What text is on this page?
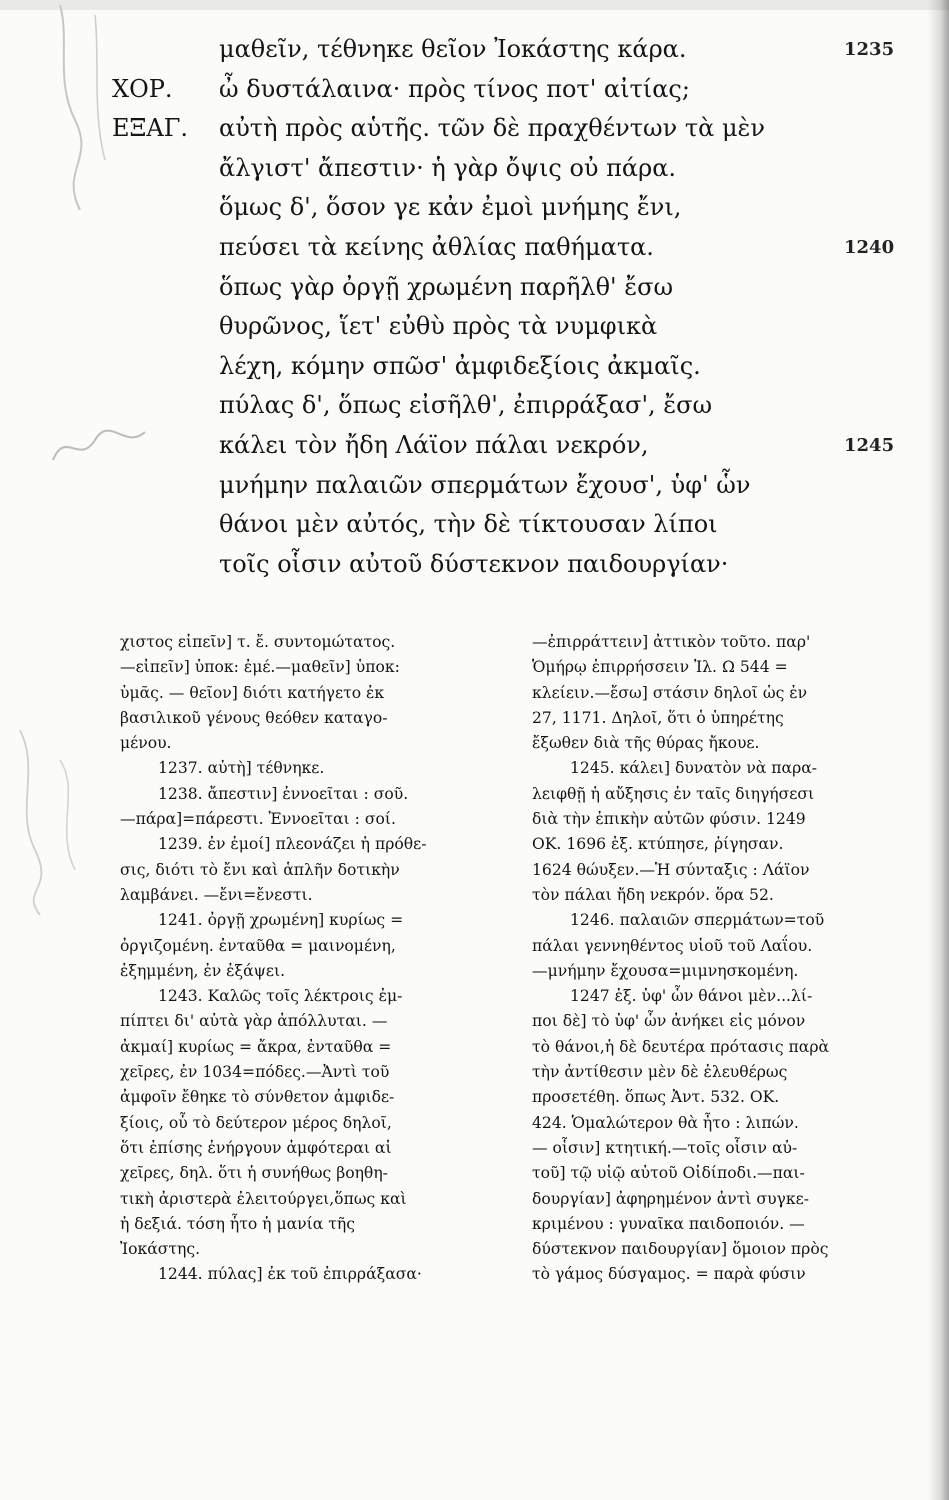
μαθεῖν, τέθνηκε θεῖον Ἰοκάστης κάρα.	1235
ΧΟΡ.	ὦ δυστάλαινα· πρὸς τίνος ποτ' αἰτίας;
ΕΞΑΓ.	αὐτὴ πρὸς αὑτῆς. τῶν δὲ πραχθέντων τὰ μὲν
ἄλγιστ' ἄπεστιν· ἡ γὰρ ὄψις οὐ πάρα.
ὅμως δ', ὅσον γε κἀν ἐμοὶ μνήμης ἔνι,
πεύσει τὰ κείνης ἀθλίας παθήματα.	1240
ὅπως γὰρ ὀργῇ χρωμένη παρῆλθ' ἔσω
θυρῶνος, ἵετ' εὐθὺ πρὸς τὰ νυμφικὰ
λέχη, κόμην σπῶσ' ἀμφιδεξίοις ἀκμαῖς.
πύλας δ', ὅπως εἰσῆλθ', ἐπιρράξασ', ἔσω
κάλει τὸν ἤδη Λάϊον πάλαι νεκρόν,	1245
μνήμην παλαιῶν σπερμάτων ἔχουσ', ὑφ' ὧν
θάνοι μὲν αὐτός, τὴν δὲ τίκτουσαν λίποι
τοῖς οἷσιν αὐτοῦ δύστεκνον παιδουργίαν·
χιστος εἰπεῖν] τ. ἔ. συντομώτατος.
—εἰπεῖν] ὑποκ: ἐμέ.—μαθεῖν] ὑποκ:
ὑμᾶς. — θεῖον] διότι κατήγετο ἐκ
βασιλικοῦ γένους θεόθεν καταγο-
μένου.
1237. αὐτὴ] τέθνηκε.
1238. ἄπεστιν] ἐννοεῖται : σοῦ.
—πάρα]=πάρεστι. Ἐννοεῖται : σοί.
1239. ἐν ἐμοί] πλεονάζει ἡ πρόθε-
σις, διότι τὸ ἔνι καὶ ἁπλῆν δοτικὴν
λαμβάνει. —ἔνι=ἔνεστι.
1241. ὀργῇ χρωμένη] κυρίως =
ὀργιζομένη. ἐνταῦθα = μαινομένη,
ἐξημμένη, ἐν ἐξάψει.
1243. Καλῶς τοῖς λέκτροις ἐμ-
πίπτει δι' αὐτὰ γὰρ ἀπόλλυται. —
ἀκμαί] κυρίως = ἄκρα, ἐνταῦθα =
χεῖρες, ἐν 1034=πόδες.—Ἀντὶ τοῦ
ἀμφοῖν ἔθηκε τὸ σύνθετον ἀμφιδε-
ξίοις, οὗ τὸ δεύτερον μέρος δηλοῖ,
ὅτι ἐπίσης ἐνήργουν ἀμφότεραι αἱ
χεῖρες, δηλ. ὅτι ἡ συνήθως βοηθη-
τικὴ ἀριστερὰ ἐλειτούργει,ὅπως καὶ
ἡ δεξιά. τόση ἦτο ἡ μανία τῆς
Ἰοκάστης.
1244. πύλας] ἐκ τοῦ ἐπιρράξασα·
—ἐπιρράττειν] ἀττικὸν τοῦτο. παρ'
Ὁμήρῳ ἐπιρρήσσειν Ἰλ. Ω 544 =
κλείειν.—ἔσω] στάσιν δηλοῖ ὡς ἐν
27, 1171. Δηλοῖ, ὅτι ὁ ὑπηρέτης
ἔξωθεν διὰ τῆς θύρας ἤκουε.
1245. κάλει] δυνατὸν νὰ παρα-
λειφθῇ ἡ αὔξησις ἐν ταῖς διηγήσεσι
διὰ τὴν ἐπικὴν αὐτῶν φύσιν. 1249
ΟΚ. 1696 ἑξ. κτύπησε, ῥίγησαν.
1624 θώυξεν.—Ἡ σύνταξις : Λάϊον
τὸν πάλαι ἤδη νεκρόν. ὅρα 52.
1246. παλαιῶν σπερμάτων=τοῦ
πάλαι γεννηθέντος υἱοῦ τοῦ Λαΐου.
—μνήμην ἔχουσα=μιμνησκομένη.
1247 ἑξ. ὑφ' ὧν θάνοι μὲν...λί-
ποι δὲ] τὸ ὑφ' ὧν ἀνήκει εἰς μόνον
τὸ θάνοι,ἡ δὲ δευτέρα πρότασις παρὰ
τὴν ἀντίθεσιν μὲν δὲ ἐλευθέρως
προσετέθη. ὅπως Ἀντ. 532. ΟΚ.
424. Ὁμαλώτερον θὰ ἦτο : λιπών.
— οἷσιν] κτητική.—τοῖς οἷσιν αὐ-
τοῦ] τῷ υἱῷ αὐτοῦ Οἰδίποδι.—παι-
δουργίαν] ἀφηρημένον ἀντὶ συγκε-
κριμένου : γυναῖκα παιδοποιόν. —
δύστεκνον παιδουργίαν] ὅμοιον πρὸς
τὸ γάμος δύσγαμος. = παρὰ φύσιν
